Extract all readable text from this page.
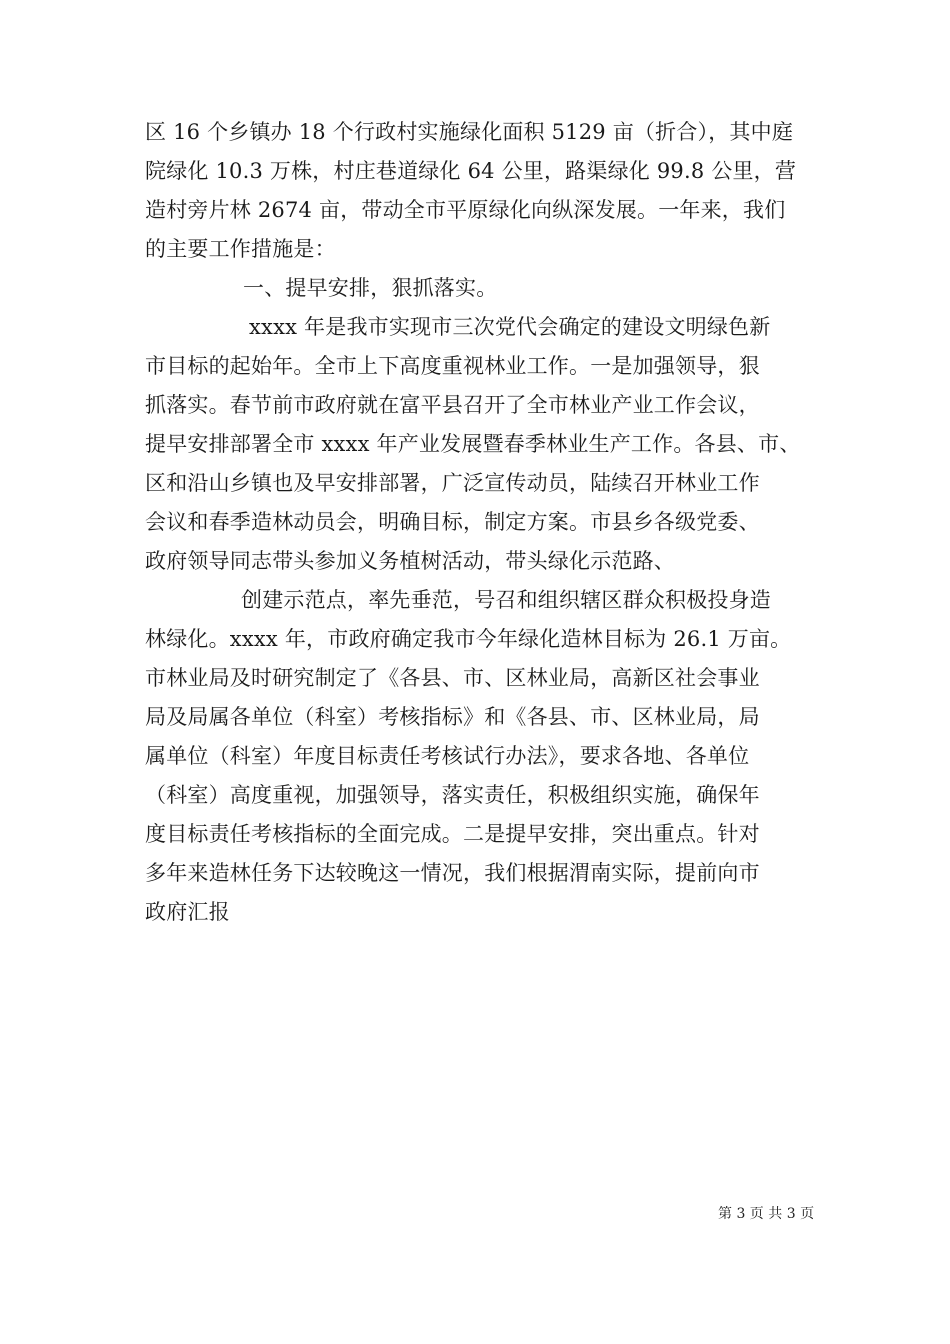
区 16 个乡镇办 18 个行政村实施绿化面积 5129 亩（折合），其中庭
院绿化 10.3 万株，村庄巷道绿化 64 公里，路渠绿化 99.8 公里，营
造村旁片林 2674 亩，带动全市平原绿化向纵深发展。一年来，我们
的主要工作措施是：
一、提早安排，狠抓落实。
xxxx 年是我市实现市三次党代会确定的建设文明绿色新
市目标的起始年。全市上下高度重视林业工作。一是加强领导，狠
抓落实。春节前市政府就在富平县召开了全市林业产业工作会议，
提早安排部署全市 xxxx 年产业发展暨春季林业生产工作。各县、市、
区和沿山乡镇也及早安排部署，广泛宣传动员，陆续召开林业工作
会议和春季造林动员会，明确目标，制定方案。市县乡各级党委、
政府领导同志带头参加义务植树活动，带头绿化示范路、
创建示范点，率先垂范，号召和组织辖区群众积极投身造
林绿化。xxxx 年，市政府确定我市今年绿化造林目标为 26.1 万亩。
市林业局及时研究制定了《各县、市、区林业局，高新区社会事业
局及局属各单位（科室）考核指标》和《各县、市、区林业局，局
属单位（科室）年度目标责任考核试行办法》，要求各地、各单位
（科室）高度重视，加强领导，落实责任，积极组织实施，确保年
度目标责任考核指标的全面完成。二是提早安排，突出重点。针对
多年来造林任务下达较晚这一情况，我们根据渭南实际，提前向市
政府汇报
第 3 页 共 3 页
